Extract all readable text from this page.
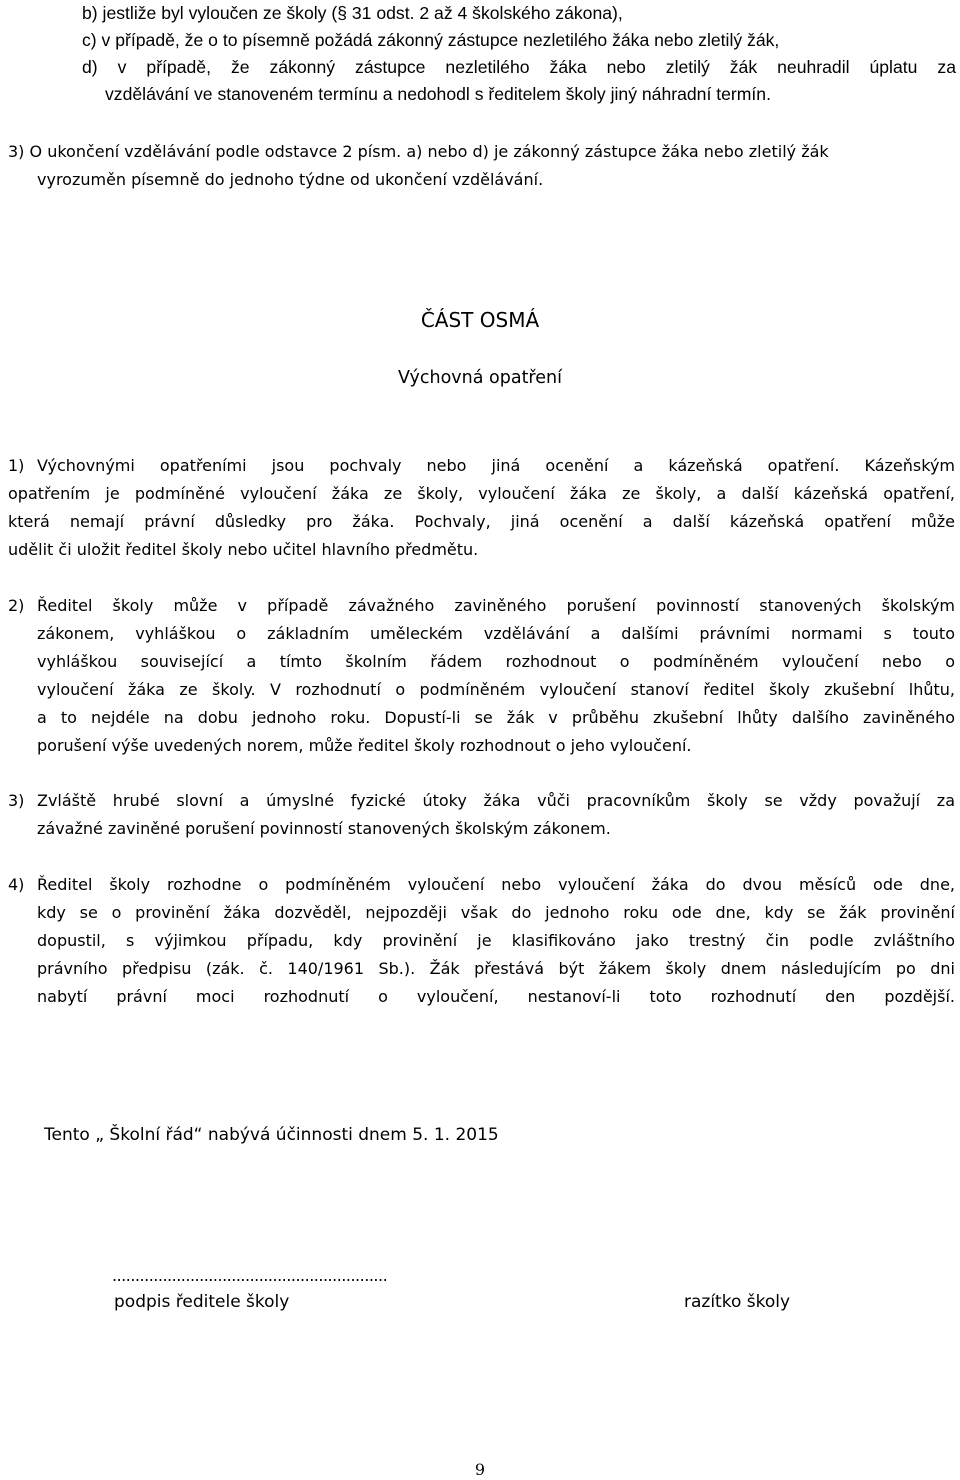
b) jestliže byl vyloučen ze školy (§ 31 odst. 2 až 4 školského zákona),
c) v případě, že o to písemně požádá zákonný zástupce nezletilého žáka nebo zletilý žák,
d) v případě, že zákonný zástupce nezletilého žáka nebo zletilý žák neuhradil úplatu za
vzdělávání ve stanoveném termínu a nedohodl s ředitelem školy jiný náhradní termín.
3) O ukončení vzdělávání podle odstavce 2 písm. a) nebo d) je zákonný zástupce žáka nebo zletilý žák
vyrozuměn písemně do jednoho týdne od ukončení vzdělávání.
ČÁST OSMÁ
Výchovná opatření
1) Výchovnými opatřeními jsou pochvaly nebo jiná ocenění a kázeňská opatření. Kázeňským
opatřením je podmíněné vyloučení žáka ze školy, vyloučení žáka ze školy, a další kázeňská opatření,
která nemají právní důsledky pro žáka. Pochvaly, jiná ocenění a další kázeňská opatření může
udělit či uložit ředitel školy nebo učitel hlavního předmětu.
2) Ředitel školy může v případě závažného zaviněného porušení povinností stanovených školským
zákonem, vyhláškou o základním uměleckém vzdělávání a dalšími právními normami s touto
vyhláškou související a tímto školním řádem rozhodnout o podmíněném vyloučení nebo o
vyloučení žáka ze školy. V rozhodnutí o podmíněném vyloučení stanoví ředitel školy zkušební lhůtu,
a to nejdéle na dobu jednoho roku. Dopustí-li se žák v průběhu zkušební lhůty dalšího zaviněného
porušení výše uvedených norem, může ředitel školy rozhodnout o jeho vyloučení.
3) Zvláště hrubé slovní a úmyslné fyzické útoky žáka vůči pracovníkům školy se vždy považují za
závažné zaviněné porušení povinností stanovených školským zákonem.
4) Ředitel školy rozhodne o podmíněném vyloučení nebo vyloučení žáka do dvou měsíců ode dne,
kdy se o provinění žáka dozvěděl, nejpozději však do jednoho roku ode dne, kdy se žák provinění
dopustil, s výjimkou případu, kdy provinění je klasifikováno jako trestný čin podle zvláštního
právního předpisu (zák. č. 140/1961 Sb.). Žák přestává být žákem školy dnem následujícím po dni
nabytí právní moci rozhodnutí o vyloučení, nestanoví-li toto rozhodnutí den pozdější.
Tento „ Školní řád“ nabývá účinnosti dnem 5. 1. 2015
............................................................
podpis ředitele školy	razítko školy
9
